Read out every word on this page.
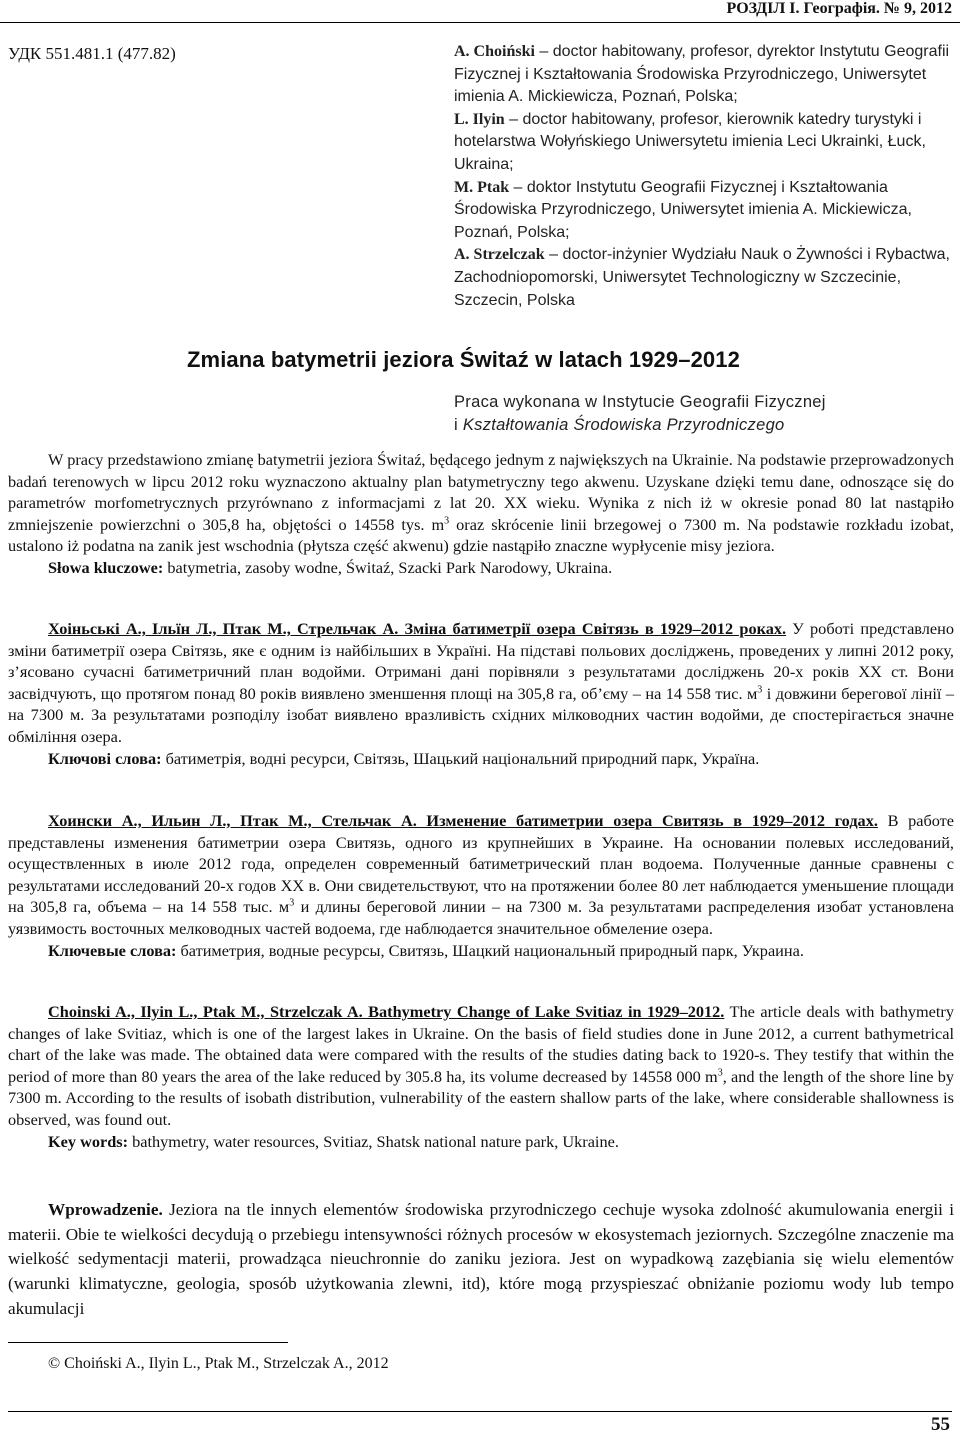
РОЗДІЛ І. Географія. № 9, 2012
УДК 551.481.1 (477.82)	A. Choiński – doctor habitowany, profesor, dyrektor Instytutu Geografii Fizycznej i Kształtowania Środowiska Przyrodniczego, Uniwersytet imienia A. Mickiewicza, Poznań, Polska;
L. Ilyin – doctor habitowany, profesor, kierownik katedry turystyki i hotelarstwa Wołyńskiego Uniwersytetu imienia Leci Ukrainki, Łuck, Ukraina;
M. Ptak – doktor Instytutu Geografii Fizycznej i Kształtowania Środowiska Przyrodniczego, Uniwersytet imienia A. Mickiewicza, Poznań, Polska;
A. Strzelczak – doctor-inżynier Wydziału Nauk o Żywności i Rybactwa, Zachodniopomorski, Uniwersytet Technologiczny w Szczecinie, Szczecin, Polska
Zmiana batymetrii jeziora Świtaź w latach 1929–2012
Praca wykonana w Instytucie Geografii Fizycznej
i Kształtowania Środowiska Przyrodniczego

W pracy przedstawiono zmianę batymetrii jeziora Świtaź, będącego jednym z największych na Ukrainie. Na podstawie przeprowadzonych badań terenowych w lipcu 2012 roku wyznaczono aktualny plan batymetryczny tego akwenu. Uzyskane dzięki temu dane, odnoszące się do parametrów morfometrycznych przyrównano z informacjami z lat 20. XX wieku. Wynika z nich iż w okresie ponad 80 lat nastąpiło zmniejszenie powierzchni o 305,8 ha, objętości o 14558 tys. $m^3$ oraz skrócenie linii brzegowej o 7300 m. Na podstawie rozkładu izobat, ustalono iż podatna na zanik jest wschodnia (płytsza część akwenu) gdzie nastąpiło znaczne wypłycenie misy jeziora.

Słowa kluczowe: batymetria, zasoby wodne, Świtaź, Szacki Park Narodowy, Ukraina.

Хоіньські А., Ільїн Л., Птак М., Стрельчак А. Зміна батиметрії озера Світязь в 1929–2012 роках. У роботі представлено зміни батиметрії озера Світязь, яке є одним із найбільших в Україні. На підставі польових досліджень, проведених у липні 2012 року, з’ясовано сучасні батиметричний план водойми. Отримані дані порівняли з результатами досліджень 20-х років XX ст. Вони засвідчують, що протягом понад 80 років виявлено зменшення площі на 305,8 га, об’єму – на 14 558 тис. $м^3$ і довжини берегової лінії – на 7300 м. За результатами розподілу ізобат виявлено вразливість східних мілководних частин водойми, де спостерігається значне обміління озера.

Ключові слова: батиметрія, водні ресурси, Світязь, Шацький національний природний парк, Україна.

Хоински А., Ильин Л., Птак М., Стельчак А. Изменение батиметрии озера Свитязь в 1929–2012 годах. В работе представлены изменения батиметрии озера Свитязь, одного из крупнейших в Украине. На основании полевых исследований, осуществленных в июле 2012 года, определен современный батиметрический план водоема. Полученные данные сравнены с результатами исследований 20-х годов XX в. Они свидетельствуют, что на протяжении более 80 лет наблюдается уменьшение площади на 305,8 га, объема – на 14 558 тыс. $м^3$ и длины береговой линии – на 7300 м. За результатами распределения изобат установлена уязвимость восточных мелководных частей водоема, где наблюдается значительное обмеление озера.

Ключевые слова: батиметрия, водные ресурсы, Свитязь, Шацкий национальный природный парк, Украина.

Choinski A., Ilyin L., Ptak M., Strzelczak A. Bathymetry Change of Lake Svitiaz in 1929–2012. The article deals with bathymetry changes of lake Svitiaz, which is one of the largest lakes in Ukraine. On the basis of field studies done in June 2012, a current bathymetrical chart of the lake was made. The obtained data were compared with the results of the studies dating back to 1920-s. They testify that within the period of more than 80 years the area of the lake reduced by 305.8 ha, its volume decreased by 14558 000 $m^3$, and the length of the shore line by 7300 m. According to the results of isobath distribution, vulnerability of the eastern shallow parts of the lake, where considerable shallowness is observed, was found out.

Key words: bathymetry, water resources, Svitiaz, Shatsk national nature park, Ukraine.

Wprowadzenie. Jeziora na tle innych elementów środowiska przyrodniczego cechuje wysoka zdolność akumulowania energii i materii. Obie te wielkości decydują o przebiegu intensywności różnych procesów w ekosystemach jeziornych. Szczególne znaczenie ma wielkość sedymentacji materii, prowadząca nieuchronnie do zaniku jeziora. Jest on wypadkową zazębiania się wielu elementów (warunki klimatyczne, geologia, sposób użytkowania zlewni, itd), które mogą przyspieszać obniżanie poziomu wody lub tempo akumulacji

© Choiński A., Ilyin L., Ptak M., Strzelczak A., 2012
55
